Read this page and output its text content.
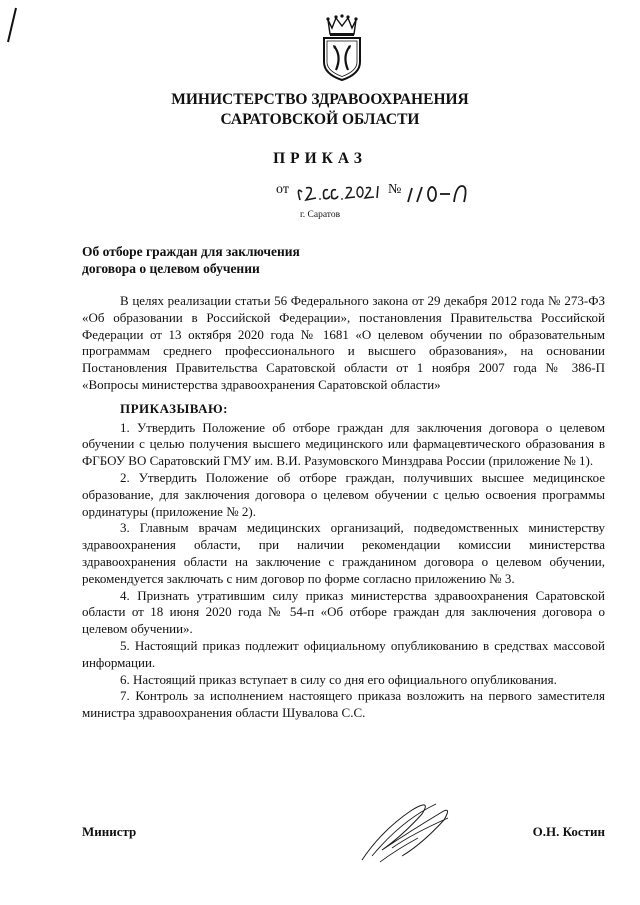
МИНИСТЕРСТВО ЗДРАВООХРАНЕНИЯ
САРАТОВСКОЙ ОБЛАСТИ
ПРИКАЗ
от	№
г. Саратов
Об отборе граждан для заключения
договора о целевом обучении

В целях реализации статьи 56 Федерального закона от 29 декабря 2012 года № 273-ФЗ «Об образовании в Российской Федерации», постановления Правительства Российской Федерации от 13 октября 2020 года № 1681 «О целевом обучении по образовательным программам среднего профессионального и высшего образования», на основании Постановления Правительства Саратовской области от 1 ноября 2007 года № 386-П «Вопросы министерства здравоохранения Саратовской области»

ПРИКАЗЫВАЮ:

1. Утвердить Положение об отборе граждан для заключения договора о целевом обучении с целью получения высшего медицинского или фармацевтического образования в ФГБОУ ВО Саратовский ГМУ им. В.И. Разумовского Минздрава России (приложение № 1).

2. Утвердить Положение об отборе граждан, получивших высшее медицинское образование, для заключения договора о целевом обучении с целью освоения программы ординатуры (приложение № 2).

3. Главным врачам медицинских организаций, подведомственных министерству здравоохранения области, при наличии рекомендации комиссии министерства здравоохранения области на заключение с гражданином договора о целевом обучении, рекомендуется заключать с ним договор по форме согласно приложению № 3.

4. Признать утратившим силу приказ министерства здравоохранения Саратовской области от 18 июня 2020 года № 54-п «Об отборе граждан для заключения договора о целевом обучении».

5. Настоящий приказ подлежит официальному опубликованию в средствах массовой информации.

6. Настоящий приказ вступает в силу со дня его официального опубликования.

7. Контроль за исполнением настоящего приказа возложить на первого заместителя министра здравоохранения области Шувалова С.С.

Министр	О.Н. Костин
